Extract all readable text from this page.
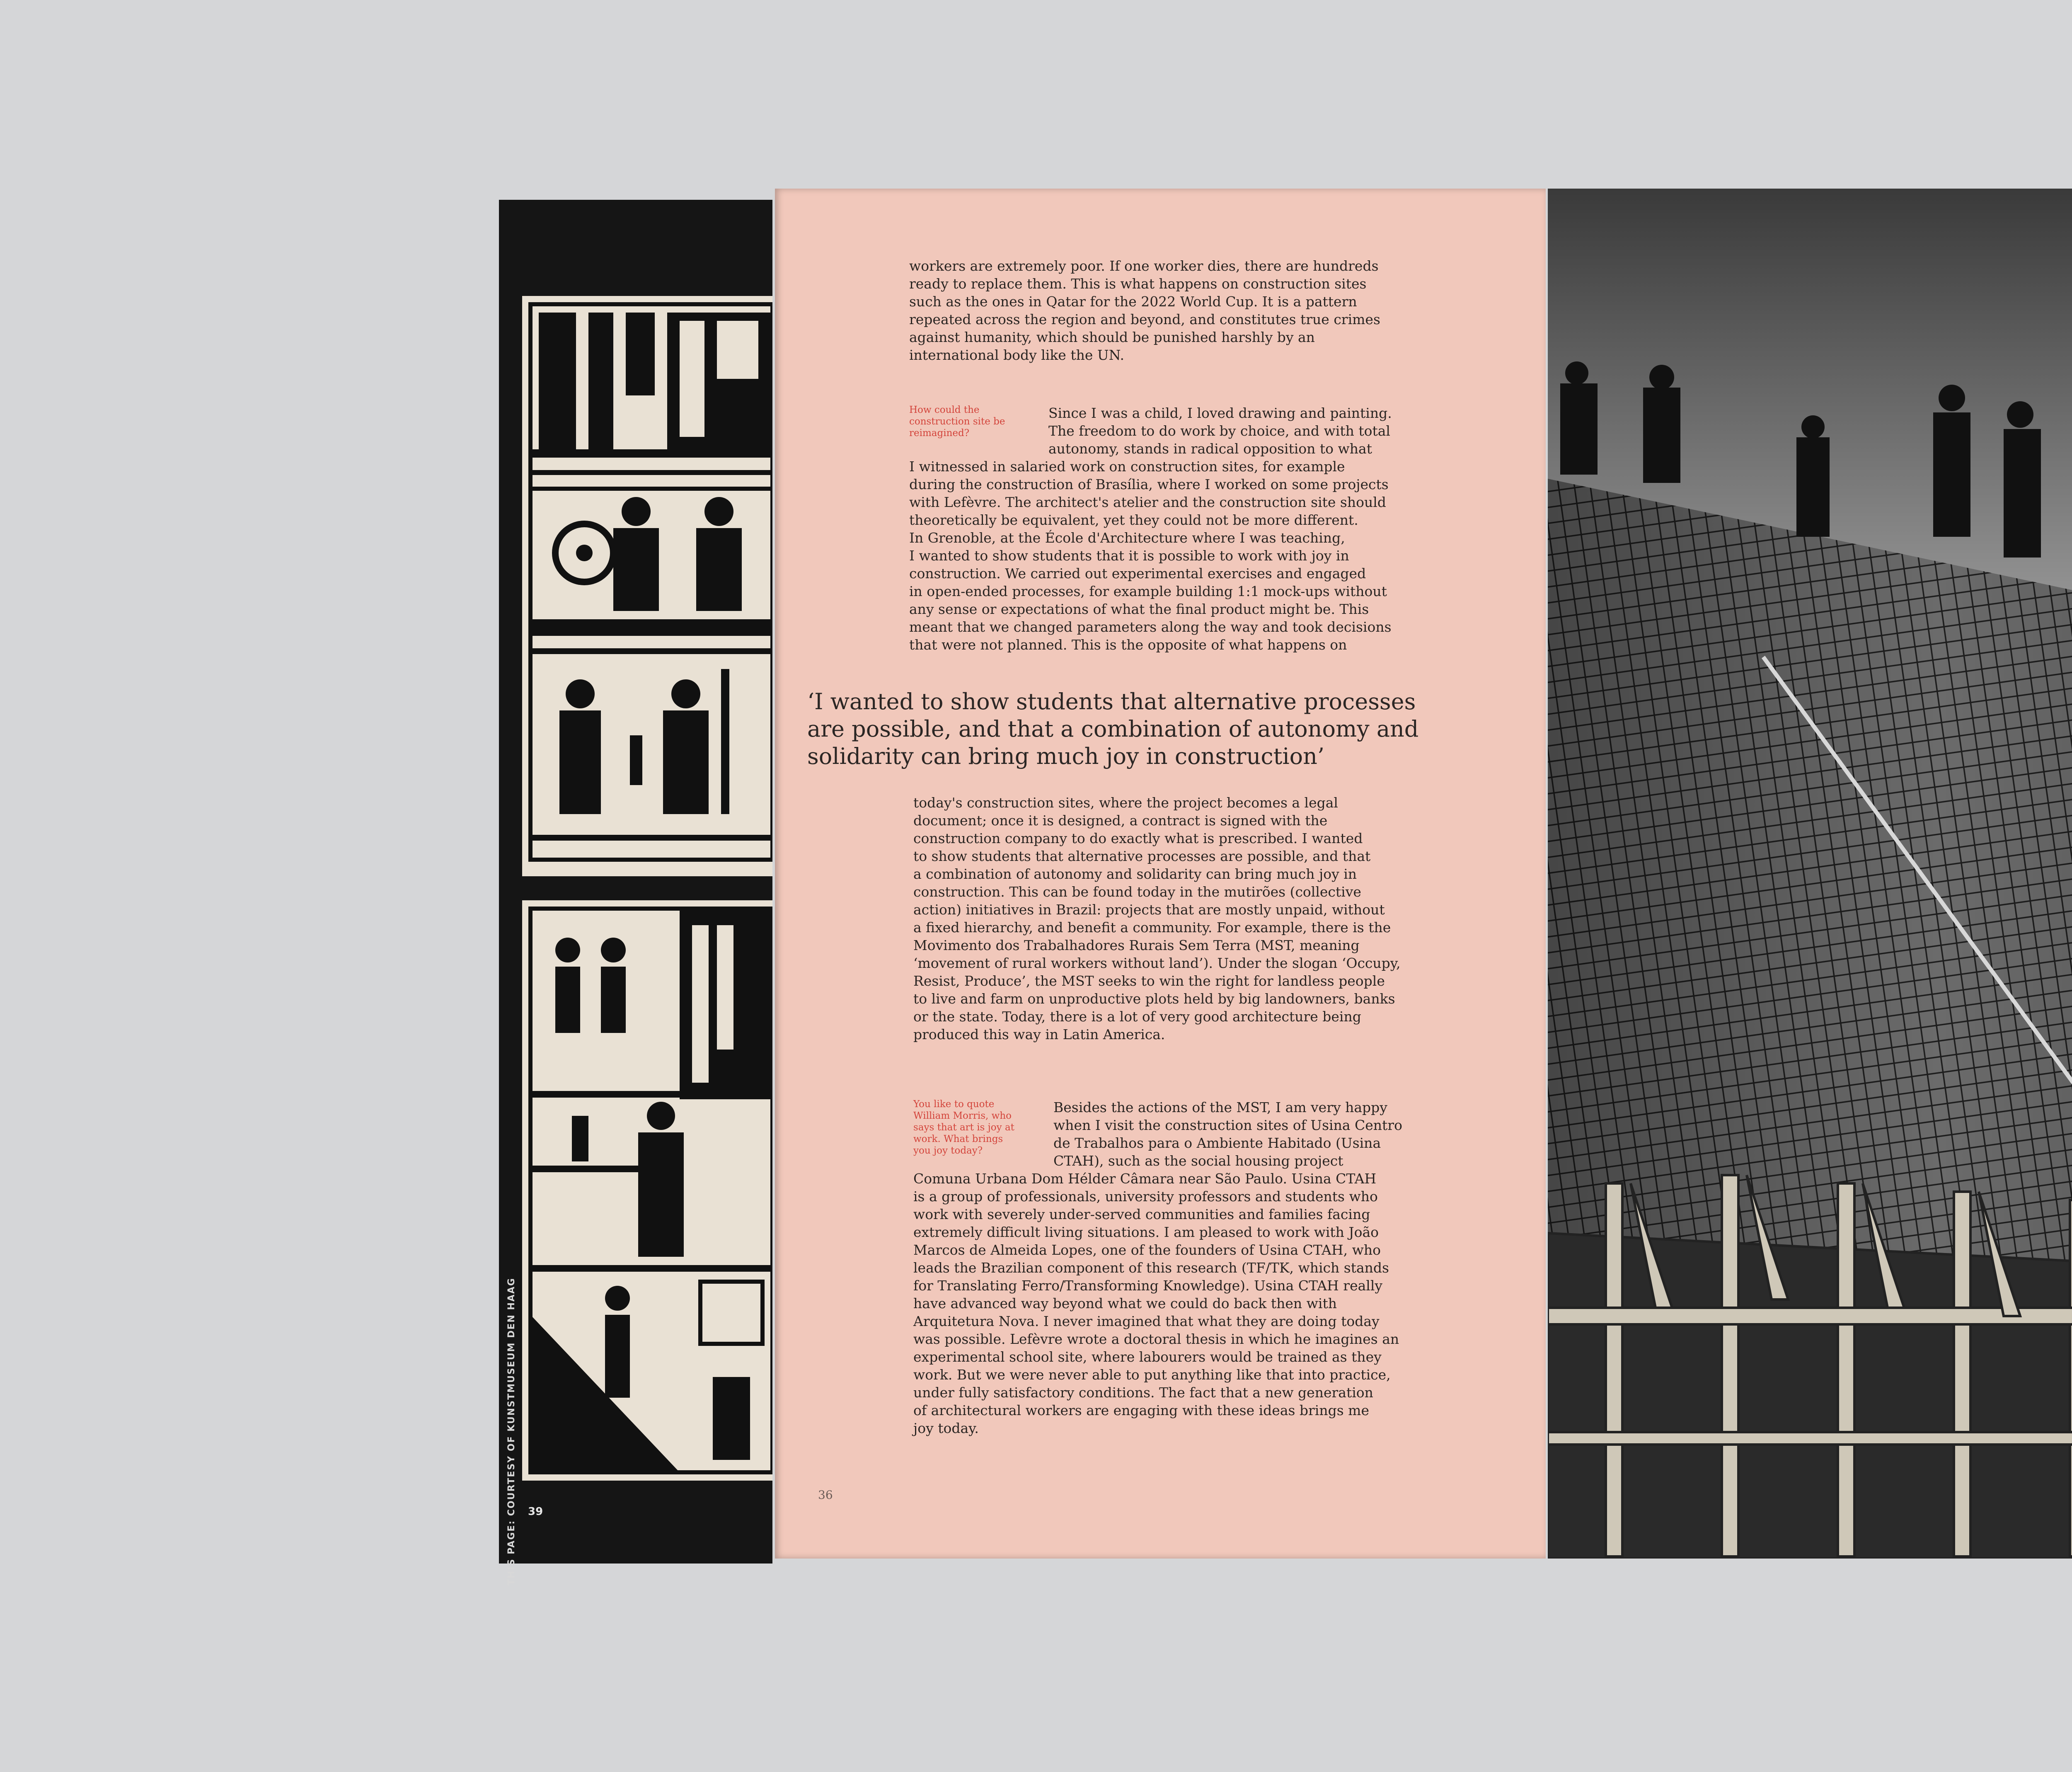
THIS PAGE: COURTESY OF KUNSTMUSEUM DEN HAAG 39
workers are extremely poor. If one worker dies, there are hundreds
ready to replace them. This is what happens on construction sites
such as the ones in Qatar for the 2022 World Cup. It is a pattern
repeated across the region and beyond, and constitutes true crimes
against humanity, which should be punished harshly by an
international body like the UN.
How could the
construction site be
reimagined?
Since I was a child, I loved drawing and painting.
The freedom to do work by choice, and with total
autonomy, stands in radical opposition to what
I witnessed in salaried work on construction sites, for example
during the construction of Brasília, where I worked on some projects
with Lefèvre. The architect's atelier and the construction site should
theoretically be equivalent, yet they could not be more different.
In Grenoble, at the École d'Architecture where I was teaching,
I wanted to show students that it is possible to work with joy in
construction. We carried out experimental exercises and engaged
in open-ended processes, for example building 1:1 mock-ups without
any sense or expectations of what the final product might be. This
meant that we changed parameters along the way and took decisions
that were not planned. This is the opposite of what happens on
‘I wanted to show students that alternative processes
are possible, and that a combination of autonomy and
solidarity can bring much joy in construction’
today's construction sites, where the project becomes a legal
document; once it is designed, a contract is signed with the
construction company to do exactly what is prescribed. I wanted
to show students that alternative processes are possible, and that
a combination of autonomy and solidarity can bring much joy in
construction. This can be found today in the mutirões (collective
action) initiatives in Brazil: projects that are mostly unpaid, without
a fixed hierarchy, and benefit a community. For example, there is the
Movimento dos Trabalhadores Rurais Sem Terra (MST, meaning
‘movement of rural workers without land’). Under the slogan ‘Occupy,
Resist, Produce’, the MST seeks to win the right for landless people
to live and farm on unproductive plots held by big landowners, banks
or the state. Today, there is a lot of very good architecture being
produced this way in Latin America.
You like to quote
William Morris, who
says that art is joy at
work. What brings
you joy today?
Besides the actions of the MST, I am very happy
when I visit the construction sites of Usina Centro
de Trabalhos para o Ambiente Habitado (Usina
CTAH), such as the social housing project
Comuna Urbana Dom Hélder Câmara near São Paulo. Usina CTAH
is a group of professionals, university professors and students who
work with severely under-served communities and families facing
extremely difficult living situations. I am pleased to work with João
Marcos de Almeida Lopes, one of the founders of Usina CTAH, who
leads the Brazilian component of this research (TF/TK, which stands
for Translating Ferro/Transforming Knowledge). Usina CTAH really
have advanced way beyond what we could do back then with
Arquitetura Nova. I never imagined that what they are doing today
was possible. Lefèvre wrote a doctoral thesis in which he imagines an
experimental school site, where labourers would be trained as they
work. But we were never able to put anything like that into practice,
under fully satisfactory conditions. The fact that a new generation
of architectural workers are engaging with these ideas brings me
joy today.
36
